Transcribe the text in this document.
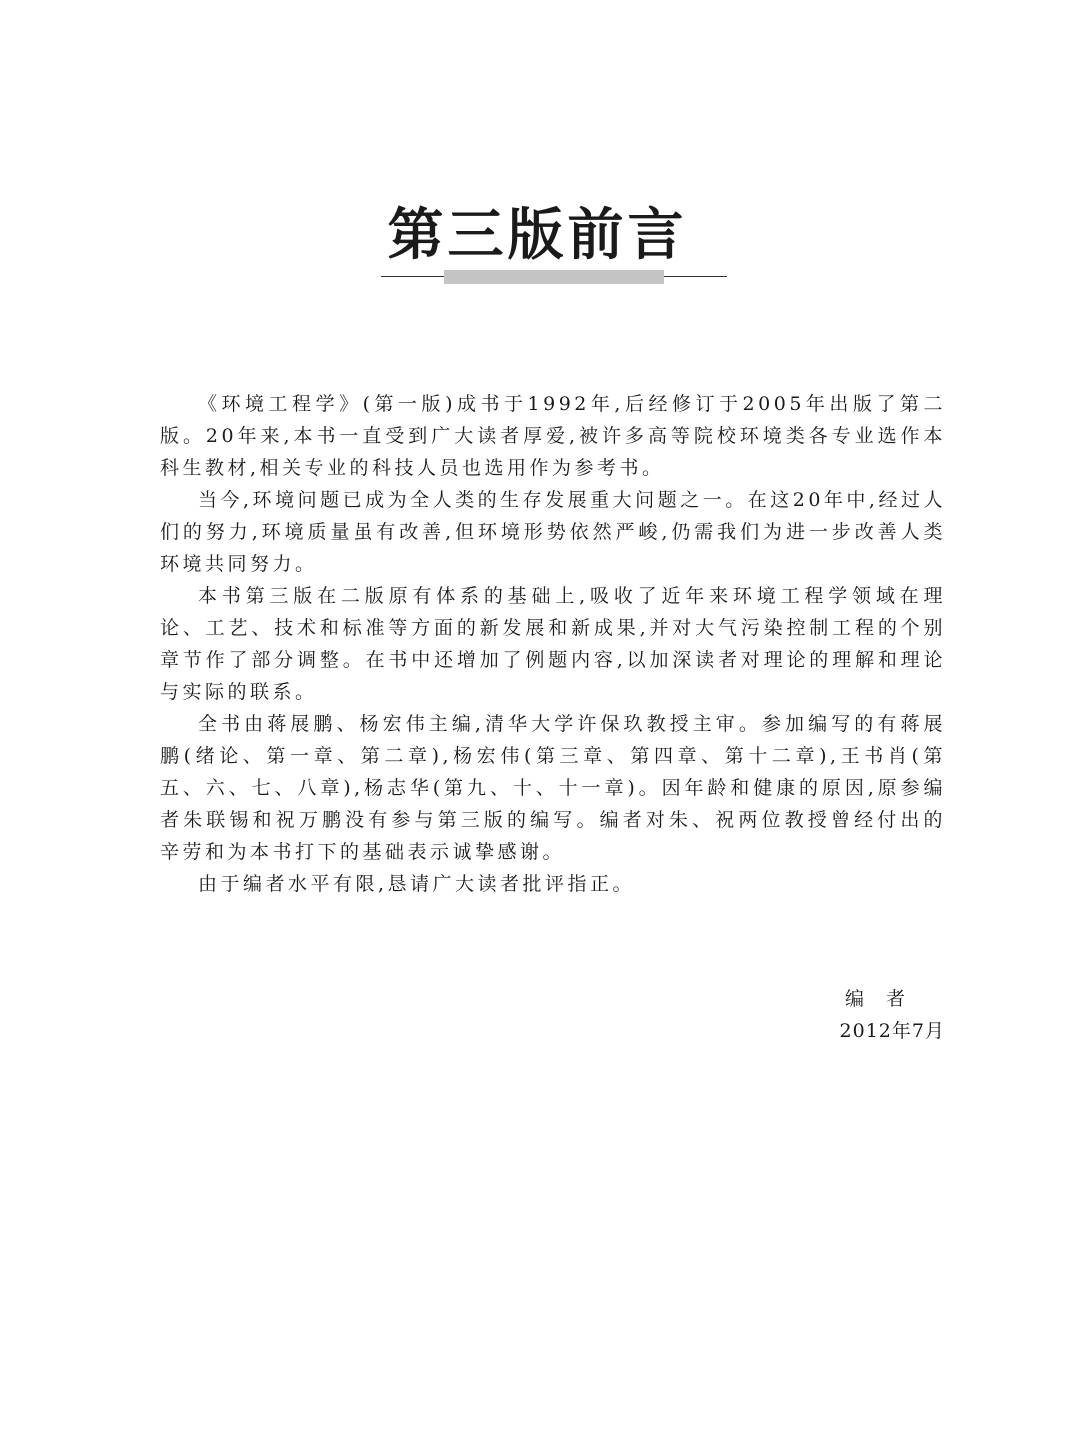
第三版前言

《环境工程学》(第一版)成书于1992年,后经修订于2005年出版了第二版。20年来,本书一直受到广大读者厚爱,被许多高等院校环境类各专业选作本科生教材,相关专业的科技人员也选用作为参考书。

当今,环境问题已成为全人类的生存发展重大问题之一。在这20年中,经过人们的努力,环境质量虽有改善,但环境形势依然严峻,仍需我们为进一步改善人类环境共同努力。

本书第三版在二版原有体系的基础上,吸收了近年来环境工程学领域在理论、工艺、技术和标准等方面的新发展和新成果,并对大气污染控制工程的个别章节作了部分调整。在书中还增加了例题内容,以加深读者对理论的理解和理论与实际的联系。

全书由蒋展鹏、杨宏伟主编,清华大学许保玖教授主审。参加编写的有蒋展鹏(绪论、第一章、第二章),杨宏伟(第三章、第四章、第十二章),王书肖(第五、六、七、八章),杨志华(第九、十、十一章)。因年龄和健康的原因,原参编者朱联锡和祝万鹏没有参与第三版的编写。编者对朱、祝两位教授曾经付出的辛劳和为本书打下的基础表示诚挚感谢。

由于编者水平有限,恳请广大读者批评指正。

编者
2012年7月
